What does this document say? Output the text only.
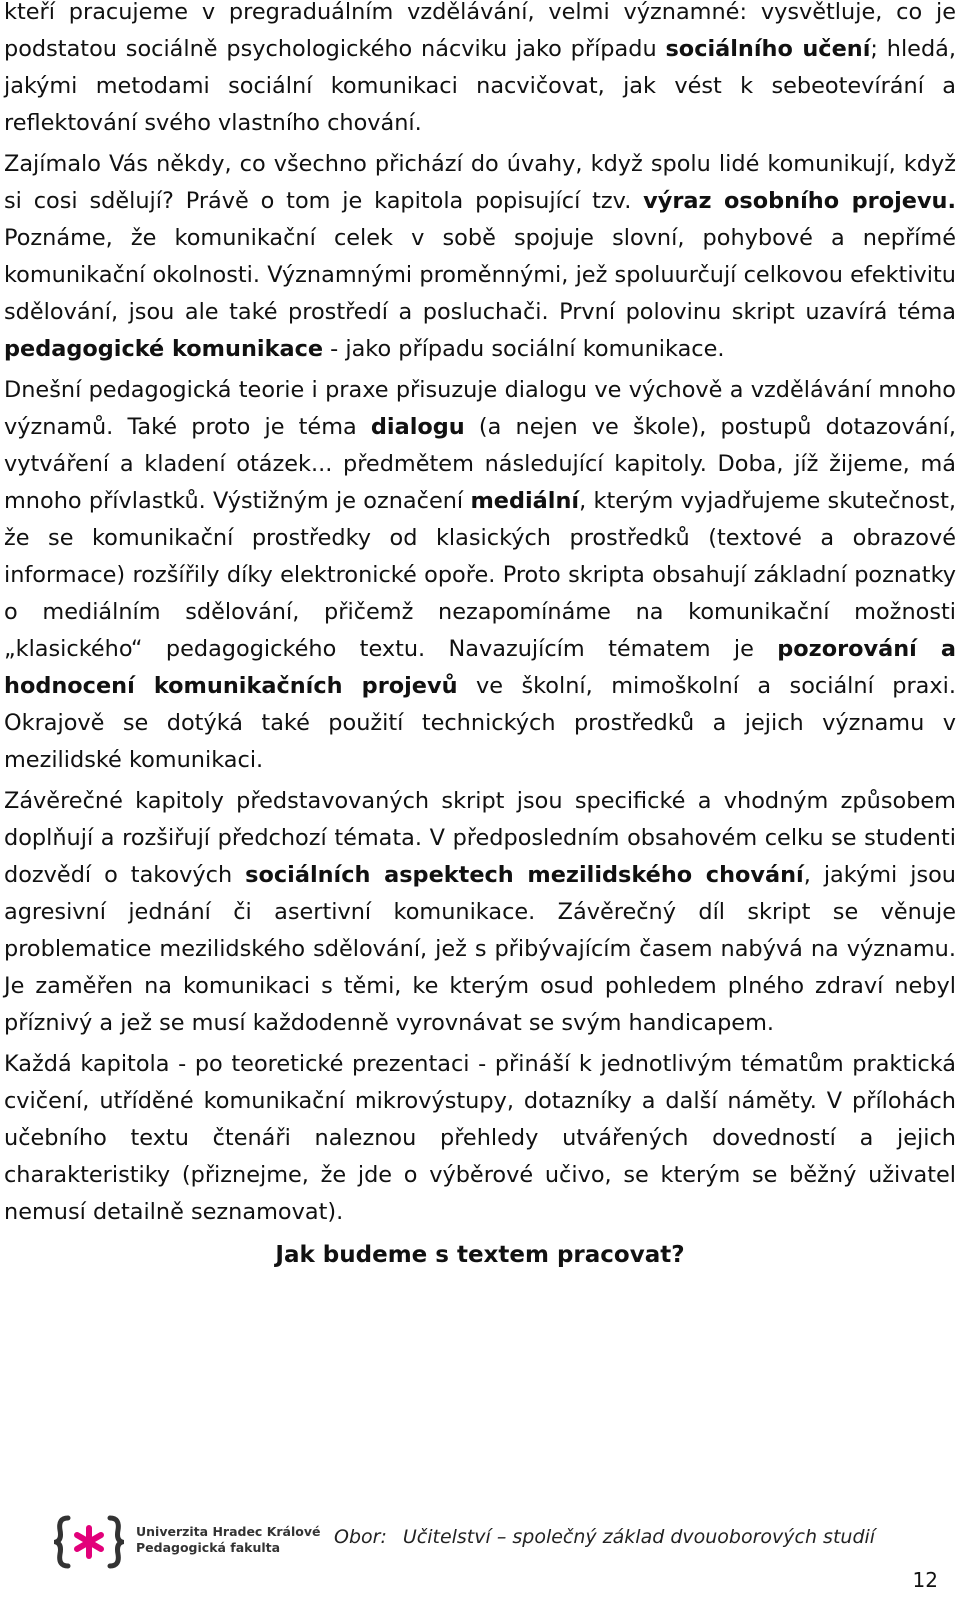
kteří pracujeme v pregraduálním vzdělávání, velmi významné: vysvětluje, co je podstatou sociálně psychologického nácviku jako případu sociálního učení; hledá, jakými metodami sociální komunikaci nacvičovat, jak vést k sebeotevírání a reflektování svého vlastního chování.

Zajímalo Vás někdy, co všechno přichází do úvahy, když spolu lidé komunikují, když si cosi sdělují? Právě o tom je kapitola popisující tzv. výraz osobního projevu. Poznáme, že komunikační celek v sobě spojuje slovní, pohybové a nepřímé komunikační okolnosti. Významnými proměnnými, jež spoluurčují celkovou efektivitu sdělování, jsou ale také prostředí a posluchači. První polovinu skript uzavírá téma pedagogické komunikace - jako případu sociální komunikace.

Dnešní pedagogická teorie i praxe přisuzuje dialogu ve výchově a vzdělávání mnoho významů. Také proto je téma dialogu (a nejen ve škole), postupů dotazování, vytváření a kladení otázek... předmětem následující kapitoly. Doba, jíž žijeme, má mnoho přívlastků. Výstižným je označení mediální, kterým vyjadřujeme skutečnost, že se komunikační prostředky od klasických prostředků (textové a obrazové informace) rozšířily díky elektronické opoře. Proto skripta obsahují základní poznatky o mediálním sdělování, přičemž nezapomínáme na komunikační možnosti „klasického“ pedagogického textu. Navazujícím tématem je pozorování a hodnocení komunikačních projevů ve školní, mimoškolní a sociální praxi. Okrajově se dotýká také použití technických prostředků a jejich významu v mezilidské komunikaci.

Závěrečné kapitoly představovaných skript jsou specifické a vhodným způsobem doplňují a rozšiřují předchozí témata. V předposledním obsahovém celku se studenti dozvědí o takových sociálních aspektech mezilidského chování, jakými jsou agresivní jednání či asertivní komunikace. Závěrečný díl skript se věnuje problematice mezilidského sdělování, jež s přibývajícím časem nabývá na významu. Je zaměřen na komunikaci s těmi, ke kterým osud pohledem plného zdraví nebyl příznivý a jež se musí každodenně vyrovnávat se svým handicapem.

Každá kapitola - po teoretické prezentaci - přináší k jednotlivým tématům praktická cvičení, utříděné komunikační mikrovýstupy, dotazníky a další náměty. V přílohách učebního textu čtenáři naleznou přehledy utvářených dovedností a jejich charakteristiky (přiznejme, že jde o výběrové učivo, se kterým se běžný uživatel nemusí detailně seznamovat).

Jak budeme s textem pracovat?
Univerzita Hradec Králové
Pedagogická fakulta	Obor: Učitelství – společný základ dvouoborových studií
12
